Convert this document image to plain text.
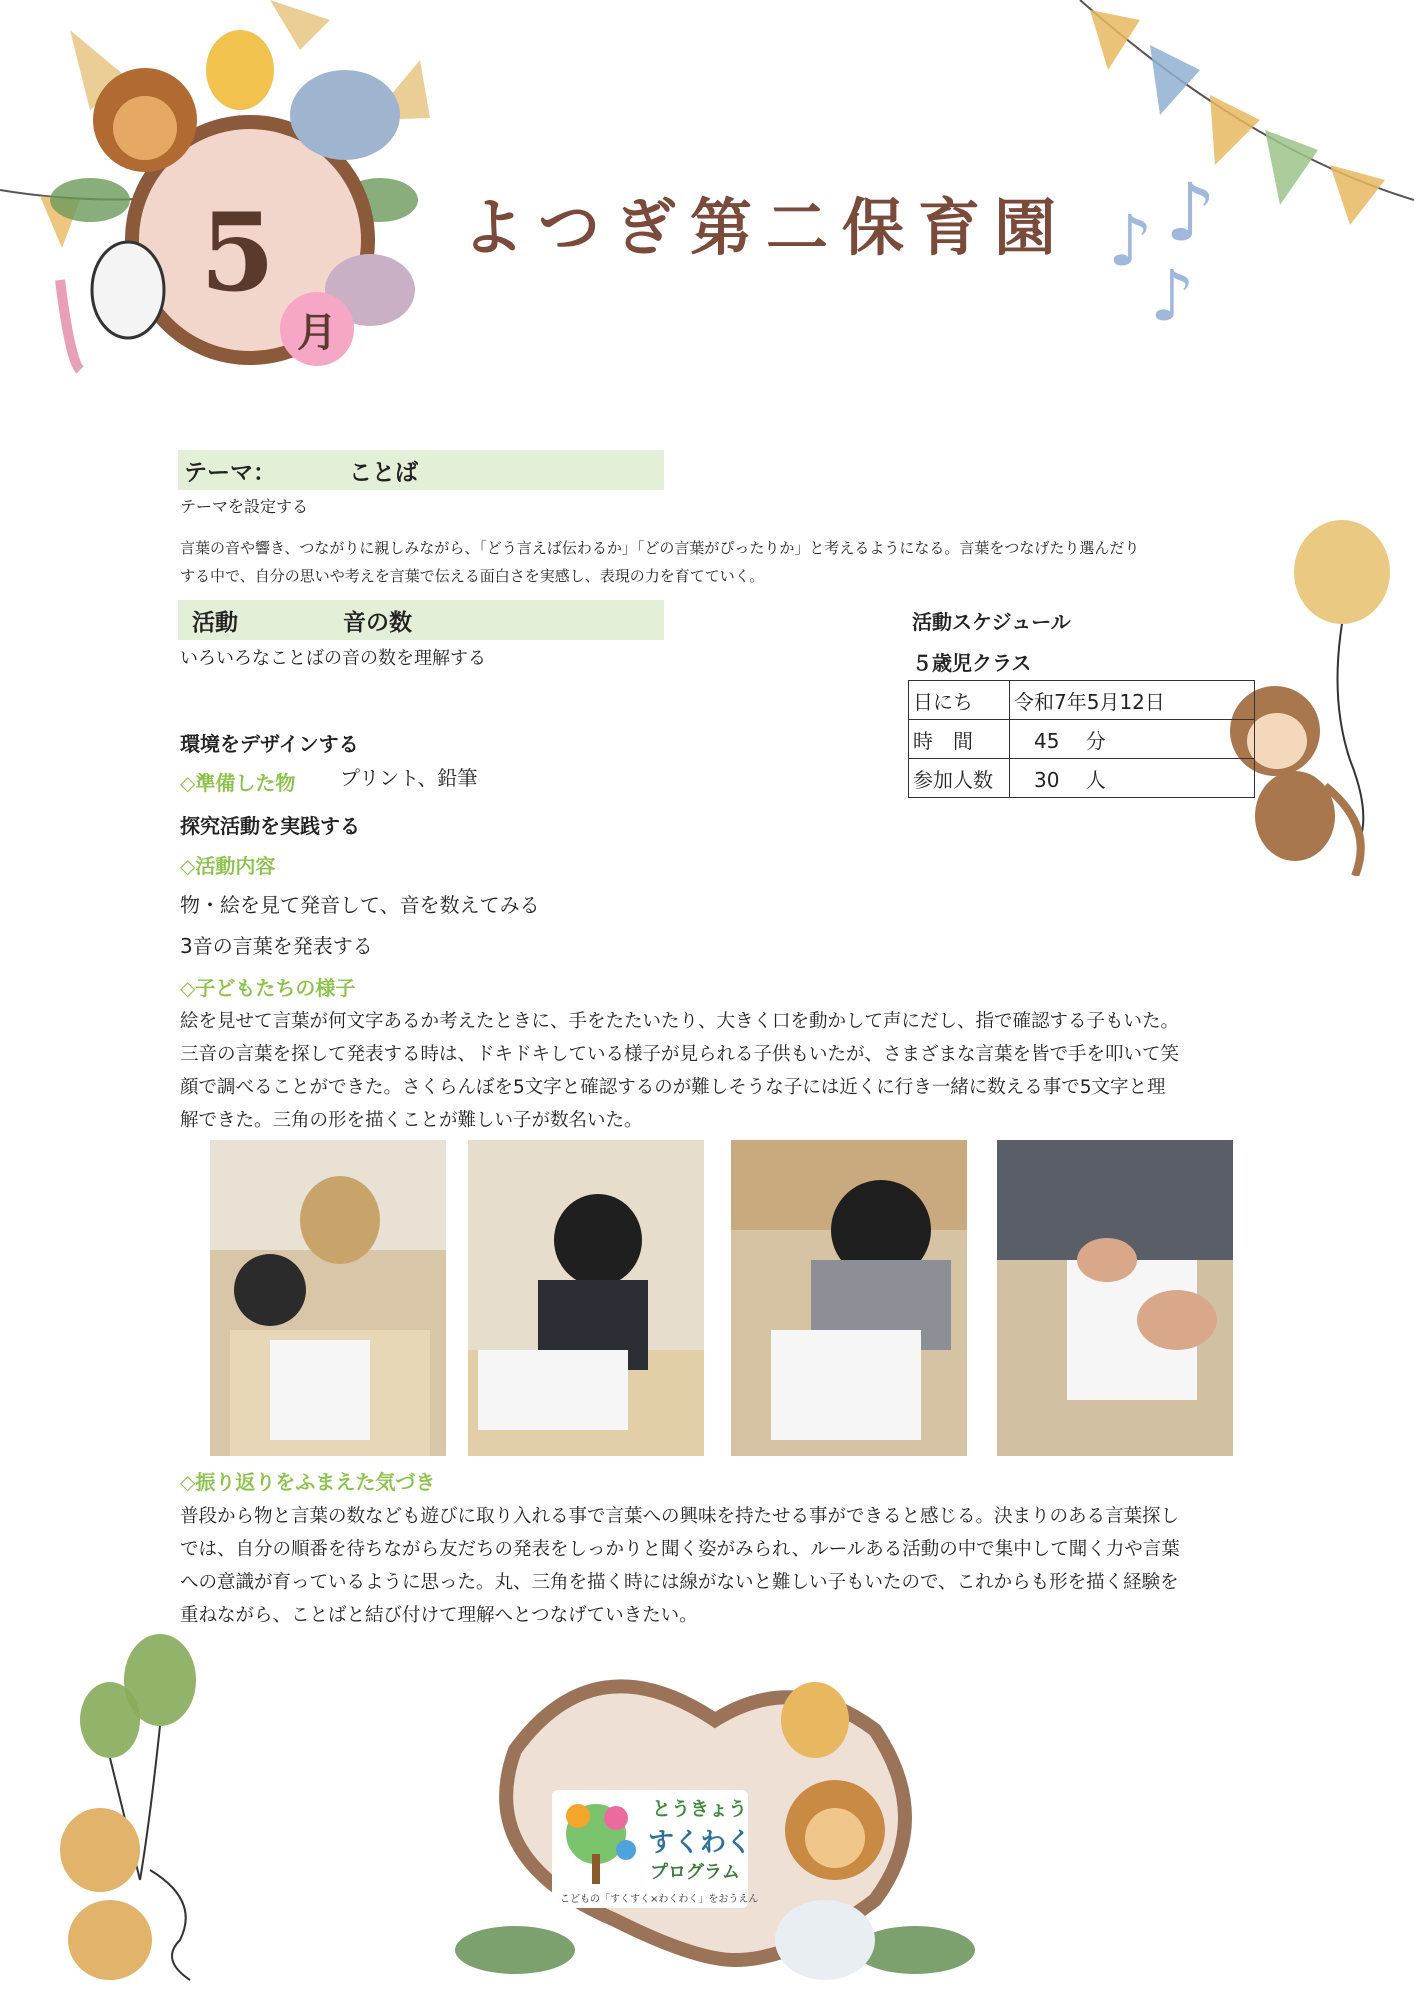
♪ ♪
♪
5
月
よつぎ第二保育園
テーマ：	ことば
テーマを設定する
言葉の音や響き、つながりに親しみながら、「どう言えば伝わるか」「どの言葉がぴったりか」と考えるようになる。言葉をつなげたり選んだり
する中で、自分の思いや考えを言葉で伝える面白さを実感し、表現の力を育てていく。
活動	音の数
いろいろなことばの音の数を理解する
活動スケジュール
５歳児クラス
日にち	令和7年5月12日
時　間	　45　 分
参加人数	　30　 人
環境をデザインする
◇準備した物 プリント、鉛筆
探究活動を実践する
◇活動内容
物・絵を見て発音して、音を数えてみる
3音の言葉を発表する
◇子どもたちの様子
絵を見せて言葉が何文字あるか考えたときに、手をたたいたり、大きく口を動かして声にだし、指で確認する子もいた。
三音の言葉を探して発表する時は、ドキドキしている様子が見られる子供もいたが、さまざまな言葉を皆で手を叩いて笑
顔で調べることができた。さくらんぼを5文字と確認するのが難しそうな子には近くに行き一緒に数える事で5文字と理
解できた。三角の形を描くことが難しい子が数名いた。
◇振り返りをふまえた気づき
普段から物と言葉の数なども遊びに取り入れる事で言葉への興味を持たせる事ができると感じる。決まりのある言葉探し
では、自分の順番を待ちながら友だちの発表をしっかりと聞く姿がみられ、ルールある活動の中で集中して聞く力や言葉
への意識が育っているように思った。丸、三角を描く時には線がないと難しい子もいたので、これからも形を描く経験を
重ねながら、ことばと結び付けて理解へとつなげていきたい。
とうきょう
すくわく
プログラム
こどもの「すくすく×わくわく」をおうえん
